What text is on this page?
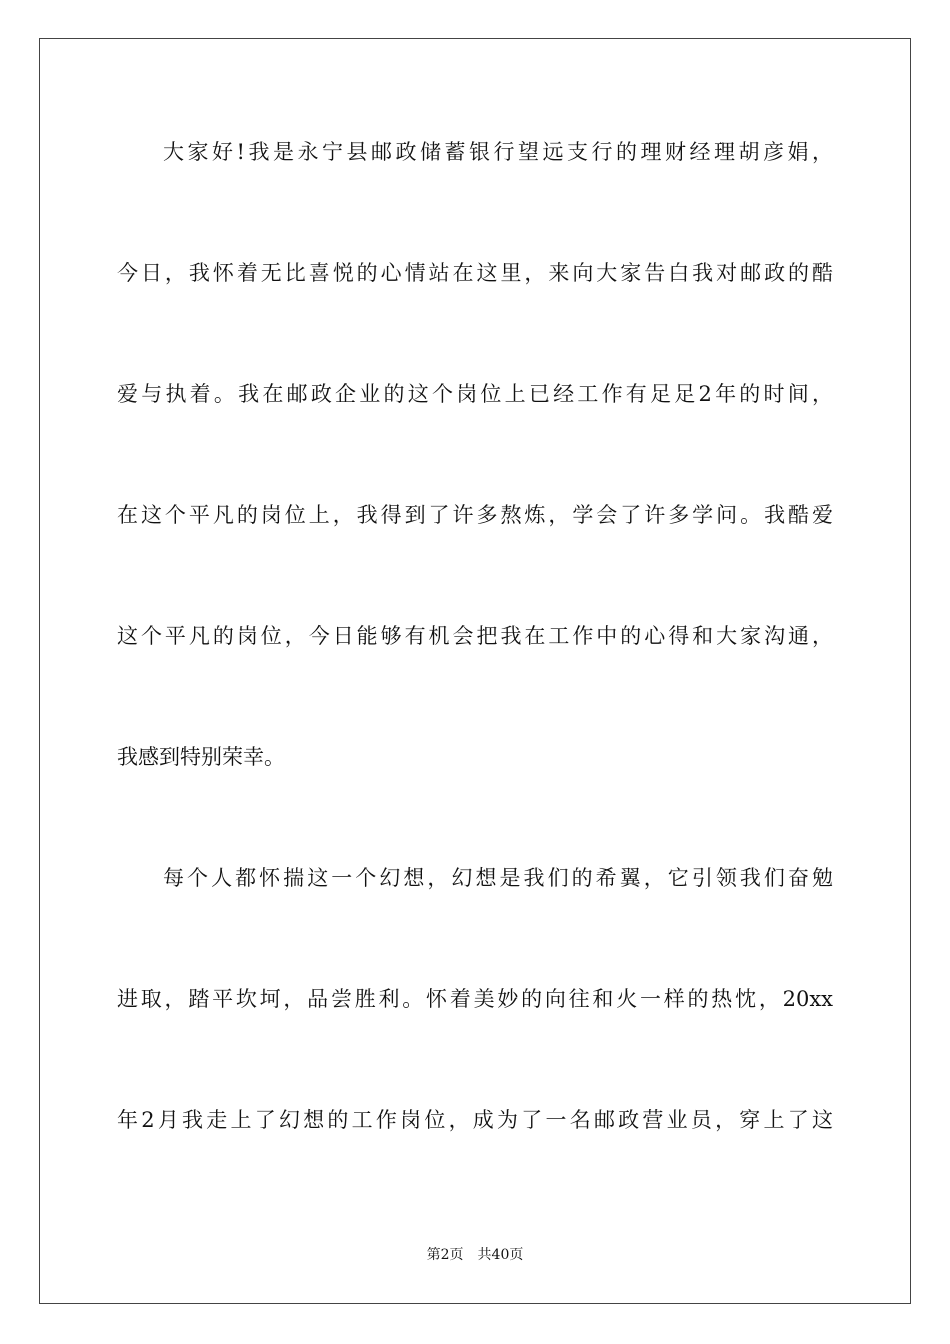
大家好!我是永宁县邮政储蓄银行望远支行的理财经理胡彦娟，
今日，我怀着无比喜悦的心情站在这里，来向大家告白我对邮政的酷
爱与执着。我在邮政企业的这个岗位上已经工作有足足2年的时间，
在这个平凡的岗位上，我得到了许多熬炼，学会了许多学问。我酷爱
这个平凡的岗位，今日能够有机会把我在工作中的心得和大家沟通，
我感到特别荣幸。
每个人都怀揣这一个幻想，幻想是我们的希翼，它引领我们奋勉
进取，踏平坎坷，品尝胜利。怀着美妙的向往和火一样的热忱，20xx
年2月我走上了幻想的工作岗位，成为了一名邮政营业员，穿上了这
第2页 共40页
